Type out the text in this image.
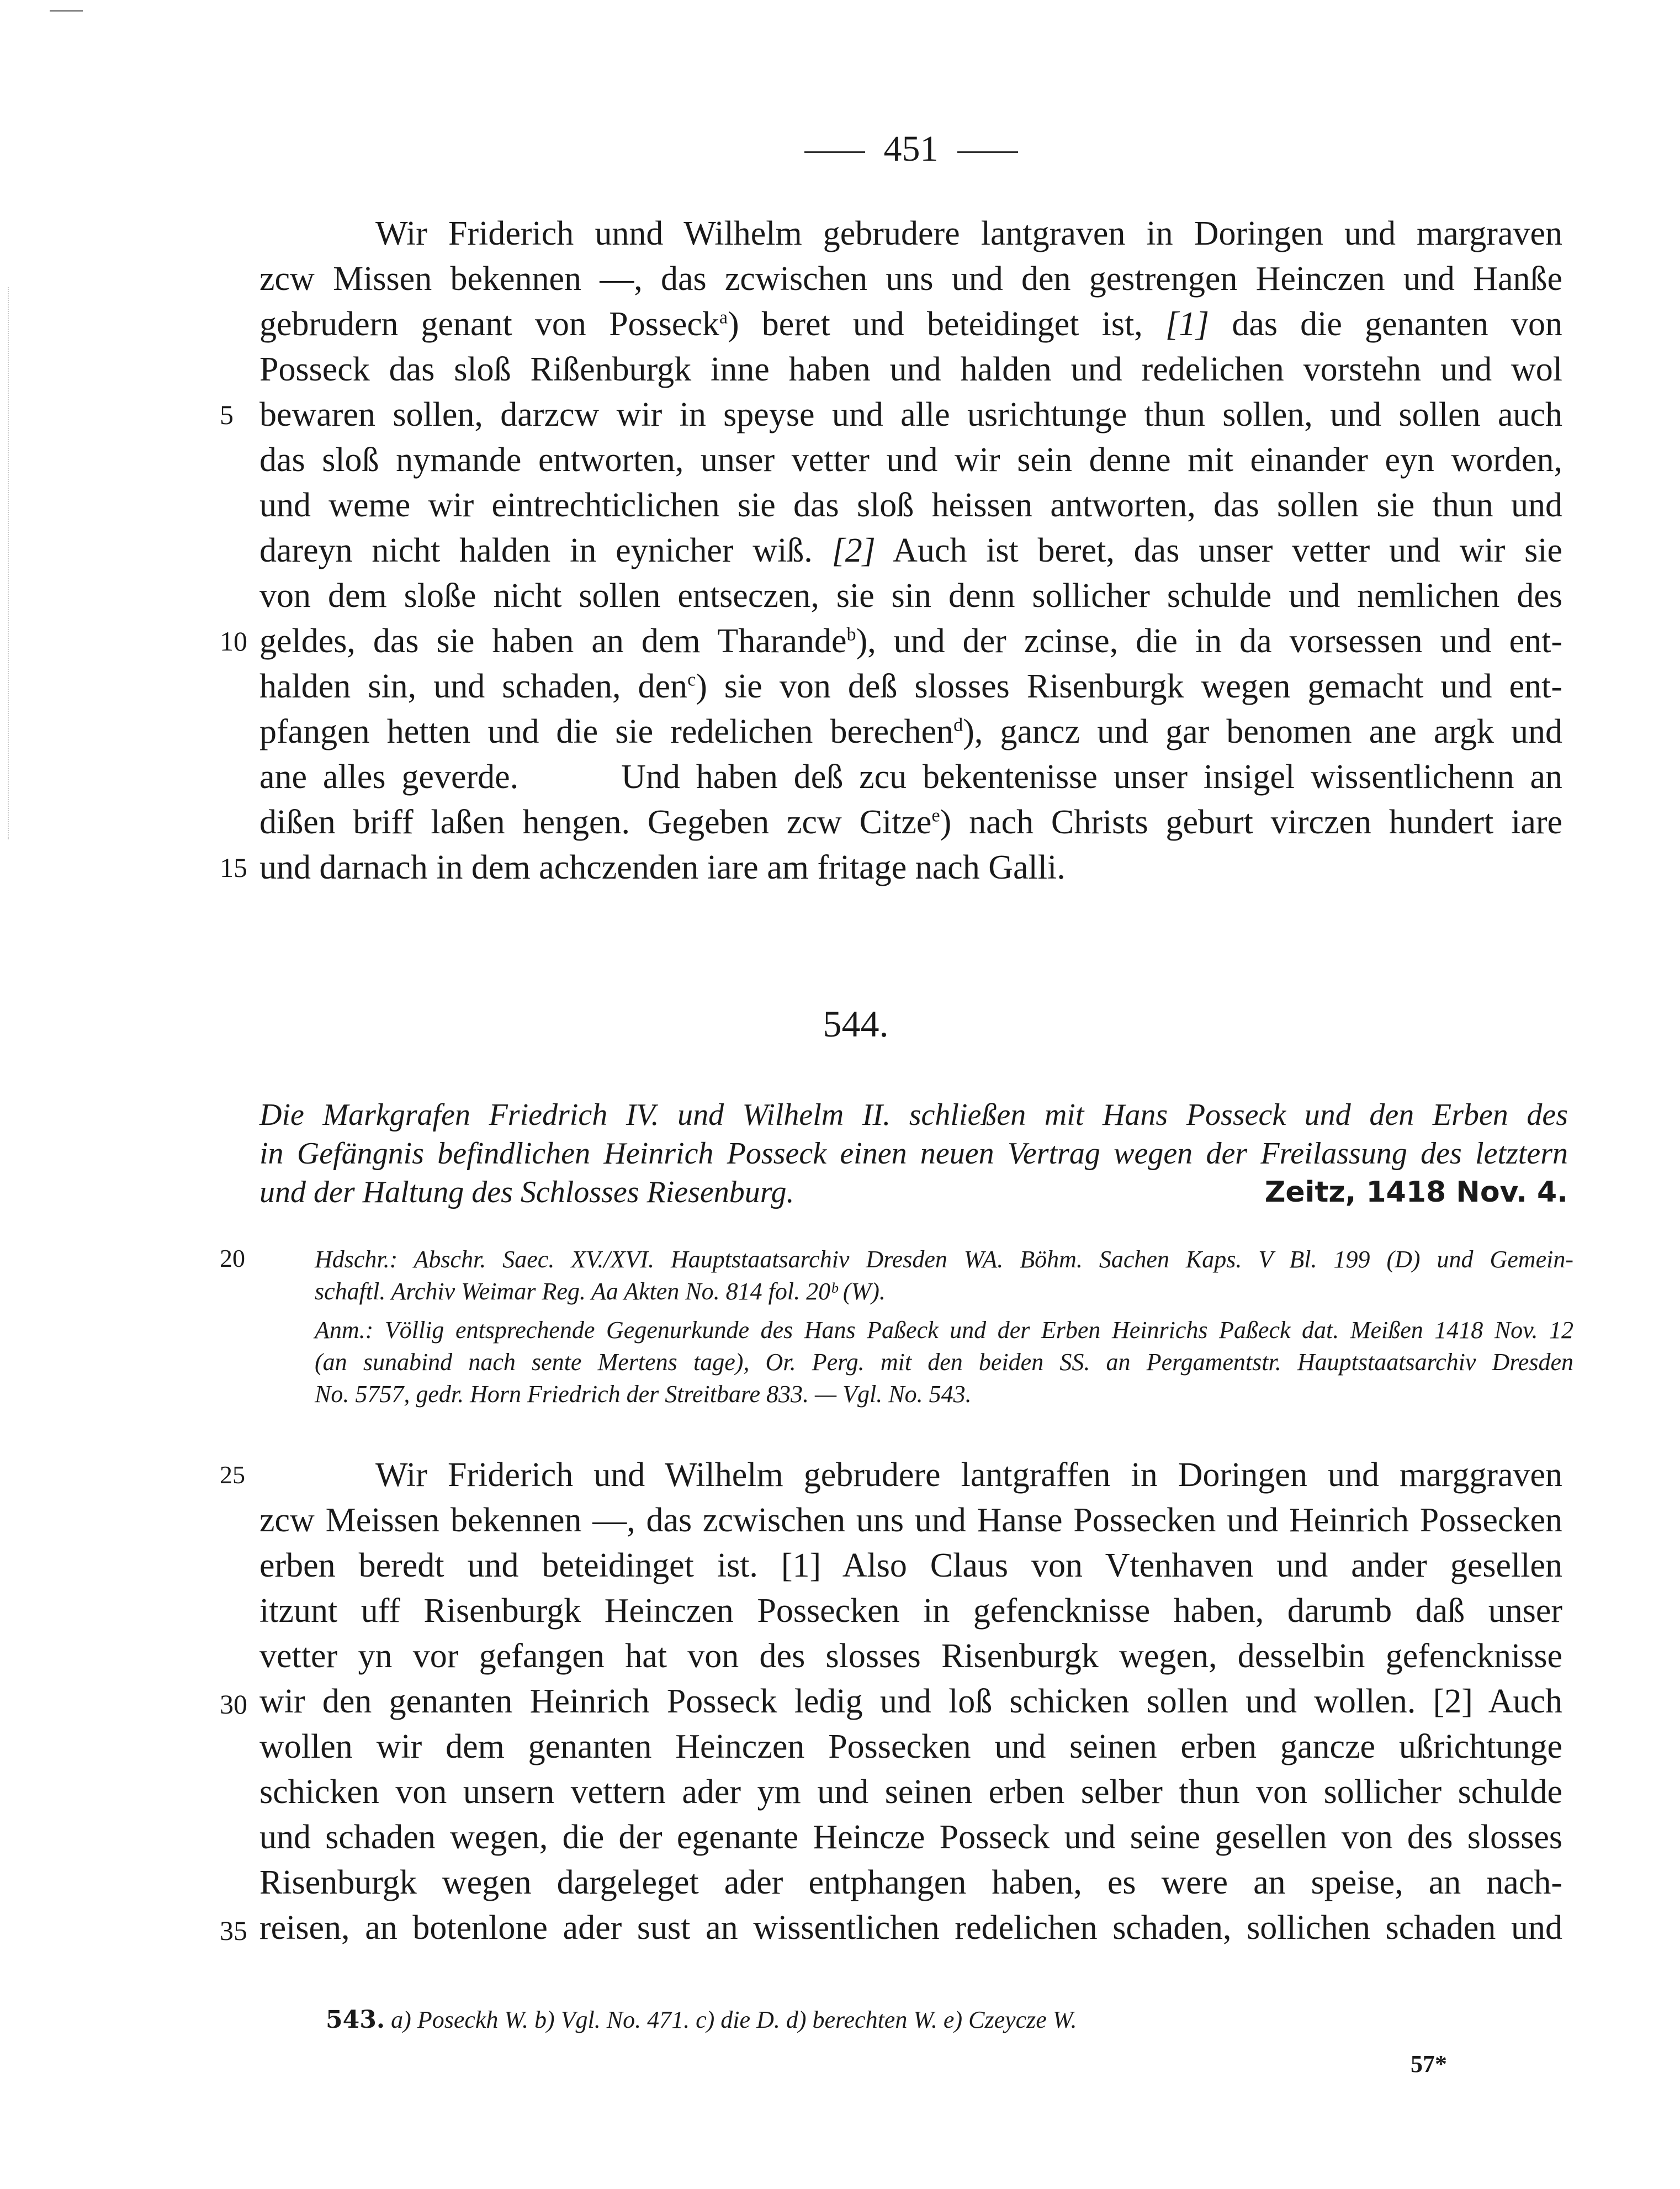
451
Wir Friderich unnd Wilhelm gebrudere lantgraven in Doringen und margraven
zcw Missen bekennen —, das zcwischen uns und den gestrengen Heinczen und Hanße
gebrudern genant von Posseck$^a$) beret und beteidinget ist, [1] das die genanten von
Posseck das sloß Rißenburgk inne haben und halden und redelichen vorstehn und wol
bewaren sollen, darzcw wir in speyse und alle usrichtunge thun sollen, und sollen auch
das sloß nymande entworten, unser vetter und wir sein denne mit einander eyn worden,
und weme wir eintrechticlichen sie das sloß heissen antworten, das sollen sie thun und
dareyn nicht halden in eynicher wiß. [2] Auch ist beret, das unser vetter und wir sie
von dem sloße nicht sollen entseczen, sie sin denn sollicher schulde und nemlichen des
geldes, das sie haben an dem Tharande$^b$), und der zcinse, die in da vorsessen und ent-
halden sin, und schaden, den$^c$) sie von deß slosses Risenburgk wegen gemacht und ent-
pfangen hetten und die sie redelichen berechen$^d$), gancz und gar benomen ane argk und
ane alles geverde.   	Und haben deß zcu bekentenisse unser insigel wissentlichenn an
dißen briff laßen hengen. Gegeben zcw Citze$^e$) nach Christs geburt virczen hundert iare
und darnach in dem achczenden iare am fritage nach Galli.
5
10
15
20
25
30
35
544.
Die Markgrafen Friedrich IV. und Wilhelm II. schließen mit Hans Posseck und den Erben des
in Gefängnis befindlichen Heinrich Posseck einen neuen Vertrag wegen der Freilassung des letztern
und der Haltung des Schlosses Riesenburg.	Zeitz, 1418 Nov. 4.
Hdschr.: Abschr. Saec. XV./XVI. Hauptstaatsarchiv Dresden WA. Böhm. Sachen Kaps. V Bl. 199 (D) und Gemein-
schaftl. Archiv Weimar Reg. Aa Akten No. 814 fol. 20ᵇ (W).
Anm.: Völlig entsprechende Gegenurkunde des Hans Paßeck und der Erben Heinrichs Paßeck dat. Meißen 1418 Nov. 12
(an sunabind nach sente Mertens tage), Or. Perg. mit den beiden SS. an Pergamentstr. Hauptstaatsarchiv Dresden
No. 5757, gedr. Horn Friedrich der Streitbare 833. — Vgl. No. 543.
Wir Friderich und Wilhelm gebrudere lantgraffen in Doringen und marggraven
zcw Meissen bekennen —, das zcwischen uns und Hanse Possecken und Heinrich Possecken
erben beredt und beteidinget ist. [1] Also Claus von Vtenhaven und ander gesellen
itzunt uff Risenburgk Heinczen Possecken in gefencknisse haben, darumb daß unser
vetter yn vor gefangen hat von des slosses Risenburgk wegen, desselbin gefencknisse
wir den genanten Heinrich Posseck ledig und loß schicken sollen und wollen. [2] Auch
wollen wir dem genanten Heinczen Possecken und seinen erben gancze ußrichtunge
schicken von unsern vettern ader ym und seinen erben selber thun von sollicher schulde
und schaden wegen, die der egenante Heincze Posseck und seine gesellen von des slosses
Risenburgk wegen dargeleget ader entphangen haben, es were an speise, an nach-
reisen, an botenlone ader sust an wissentlichen redelichen schaden, sollichen schaden und
543. a) Poseckh W. b) Vgl. No. 471. c) die D. d) berechten W. e) Czeycze W.
57*
